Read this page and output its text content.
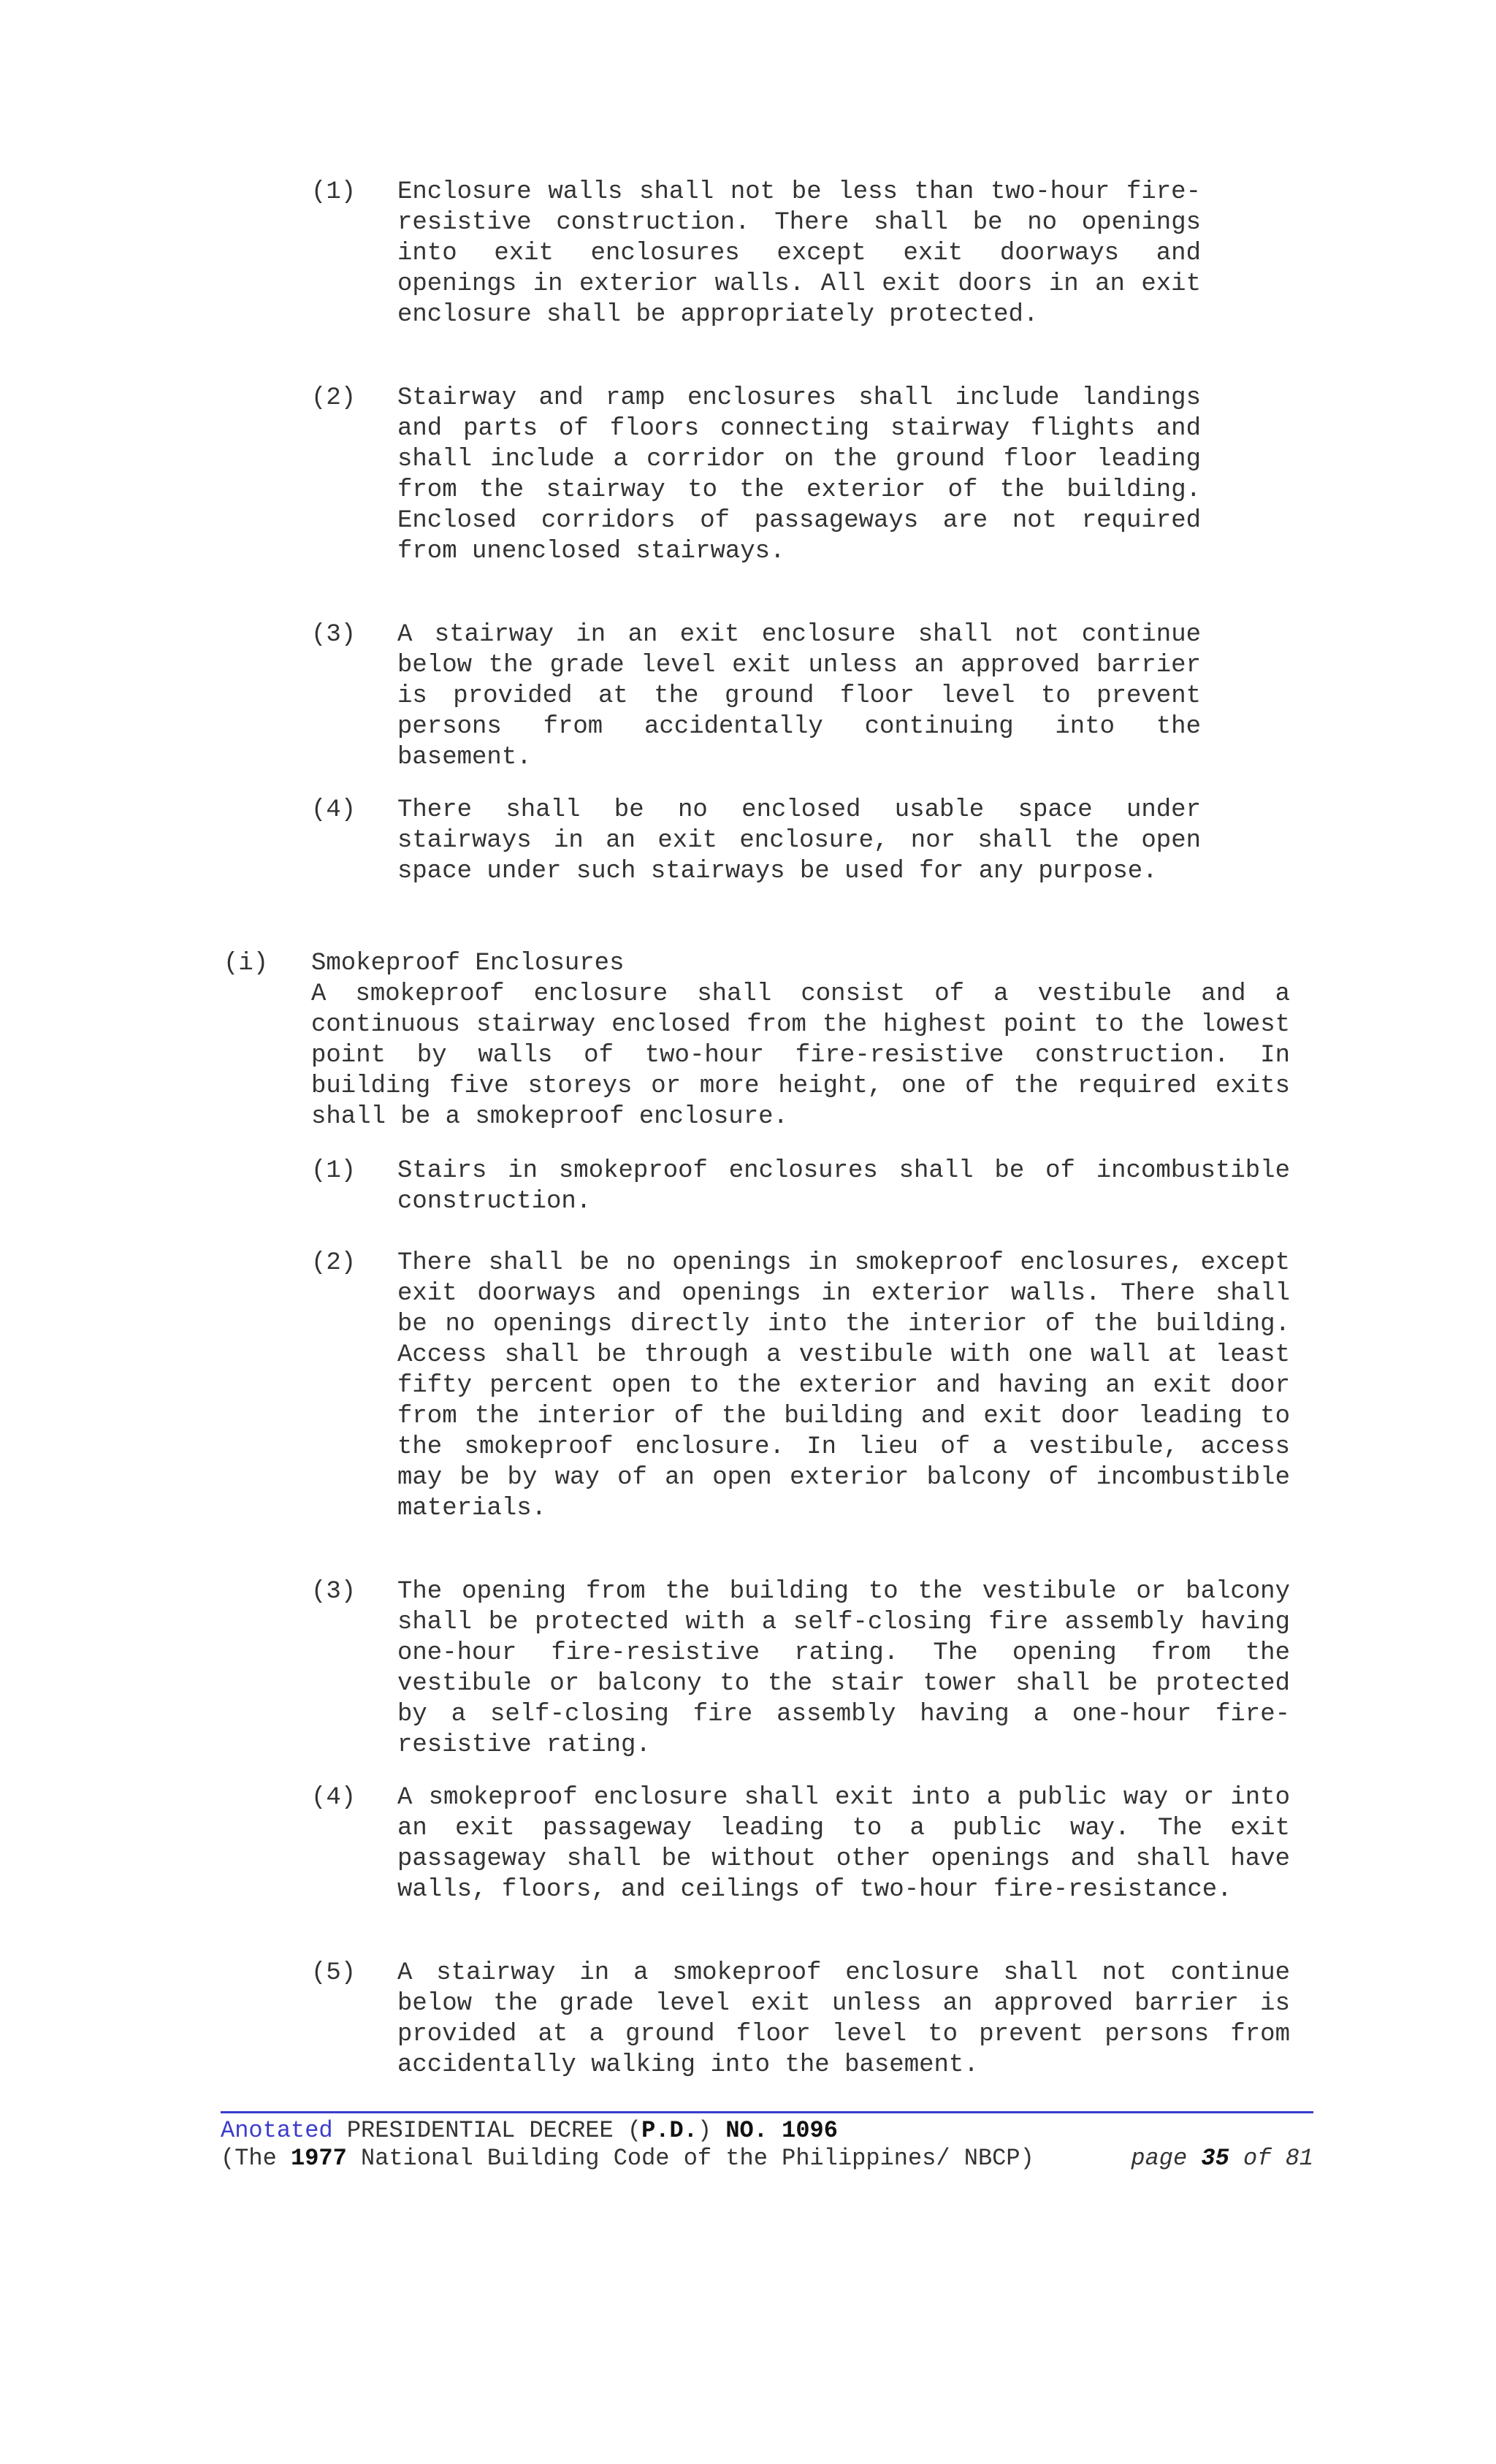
(1) Enclosure walls shall not be less than two-hour fire-resistive construction. There shall be no openings into exit enclosures except exit doorways and openings in exterior walls. All exit doors in an exit enclosure shall be appropriately protected.
(2) Stairway and ramp enclosures shall include landings and parts of floors connecting stairway flights and shall include a corridor on the ground floor leading from the stairway to the exterior of the building. Enclosed corridors of passageways are not required from unenclosed stairways.
(3) A stairway in an exit enclosure shall not continue below the grade level exit unless an approved barrier is provided at the ground floor level to prevent persons from accidentally continuing into the basement.
(4) There shall be no enclosed usable space under stairways in an exit enclosure, nor shall the open space under such stairways be used for any purpose.
(i) Smokeproof Enclosures
A smokeproof enclosure shall consist of a vestibule and a continuous stairway enclosed from the highest point to the lowest point by walls of two-hour fire-resistive construction. In building five storeys or more height, one of the required exits shall be a smokeproof enclosure.
(1) Stairs in smokeproof enclosures shall be of incombustible construction.
(2) There shall be no openings in smokeproof enclosures, except exit doorways and openings in exterior walls. There shall be no openings directly into the interior of the building. Access shall be through a vestibule with one wall at least fifty percent open to the exterior and having an exit door from the interior of the building and exit door leading to the smokeproof enclosure. In lieu of a vestibule, access may be by way of an open exterior balcony of incombustible materials.
(3) The opening from the building to the vestibule or balcony shall be protected with a self-closing fire assembly having one-hour fire-resistive rating. The opening from the vestibule or balcony to the stair tower shall be protected by a self-closing fire assembly having a one-hour fire-resistive rating.
(4) A smokeproof enclosure shall exit into a public way or into an exit passageway leading to a public way. The exit passageway shall be without other openings and shall have walls, floors, and ceilings of two-hour fire-resistance.
(5) A stairway in a smokeproof enclosure shall not continue below the grade level exit unless an approved barrier is provided at a ground floor level to prevent persons from accidentally walking into the basement.
Anotated PRESIDENTIAL DECREE (P.D.) NO. 1096
(The 1977 National Building Code of the Philippines/ NBCP)	page 35 of 81
